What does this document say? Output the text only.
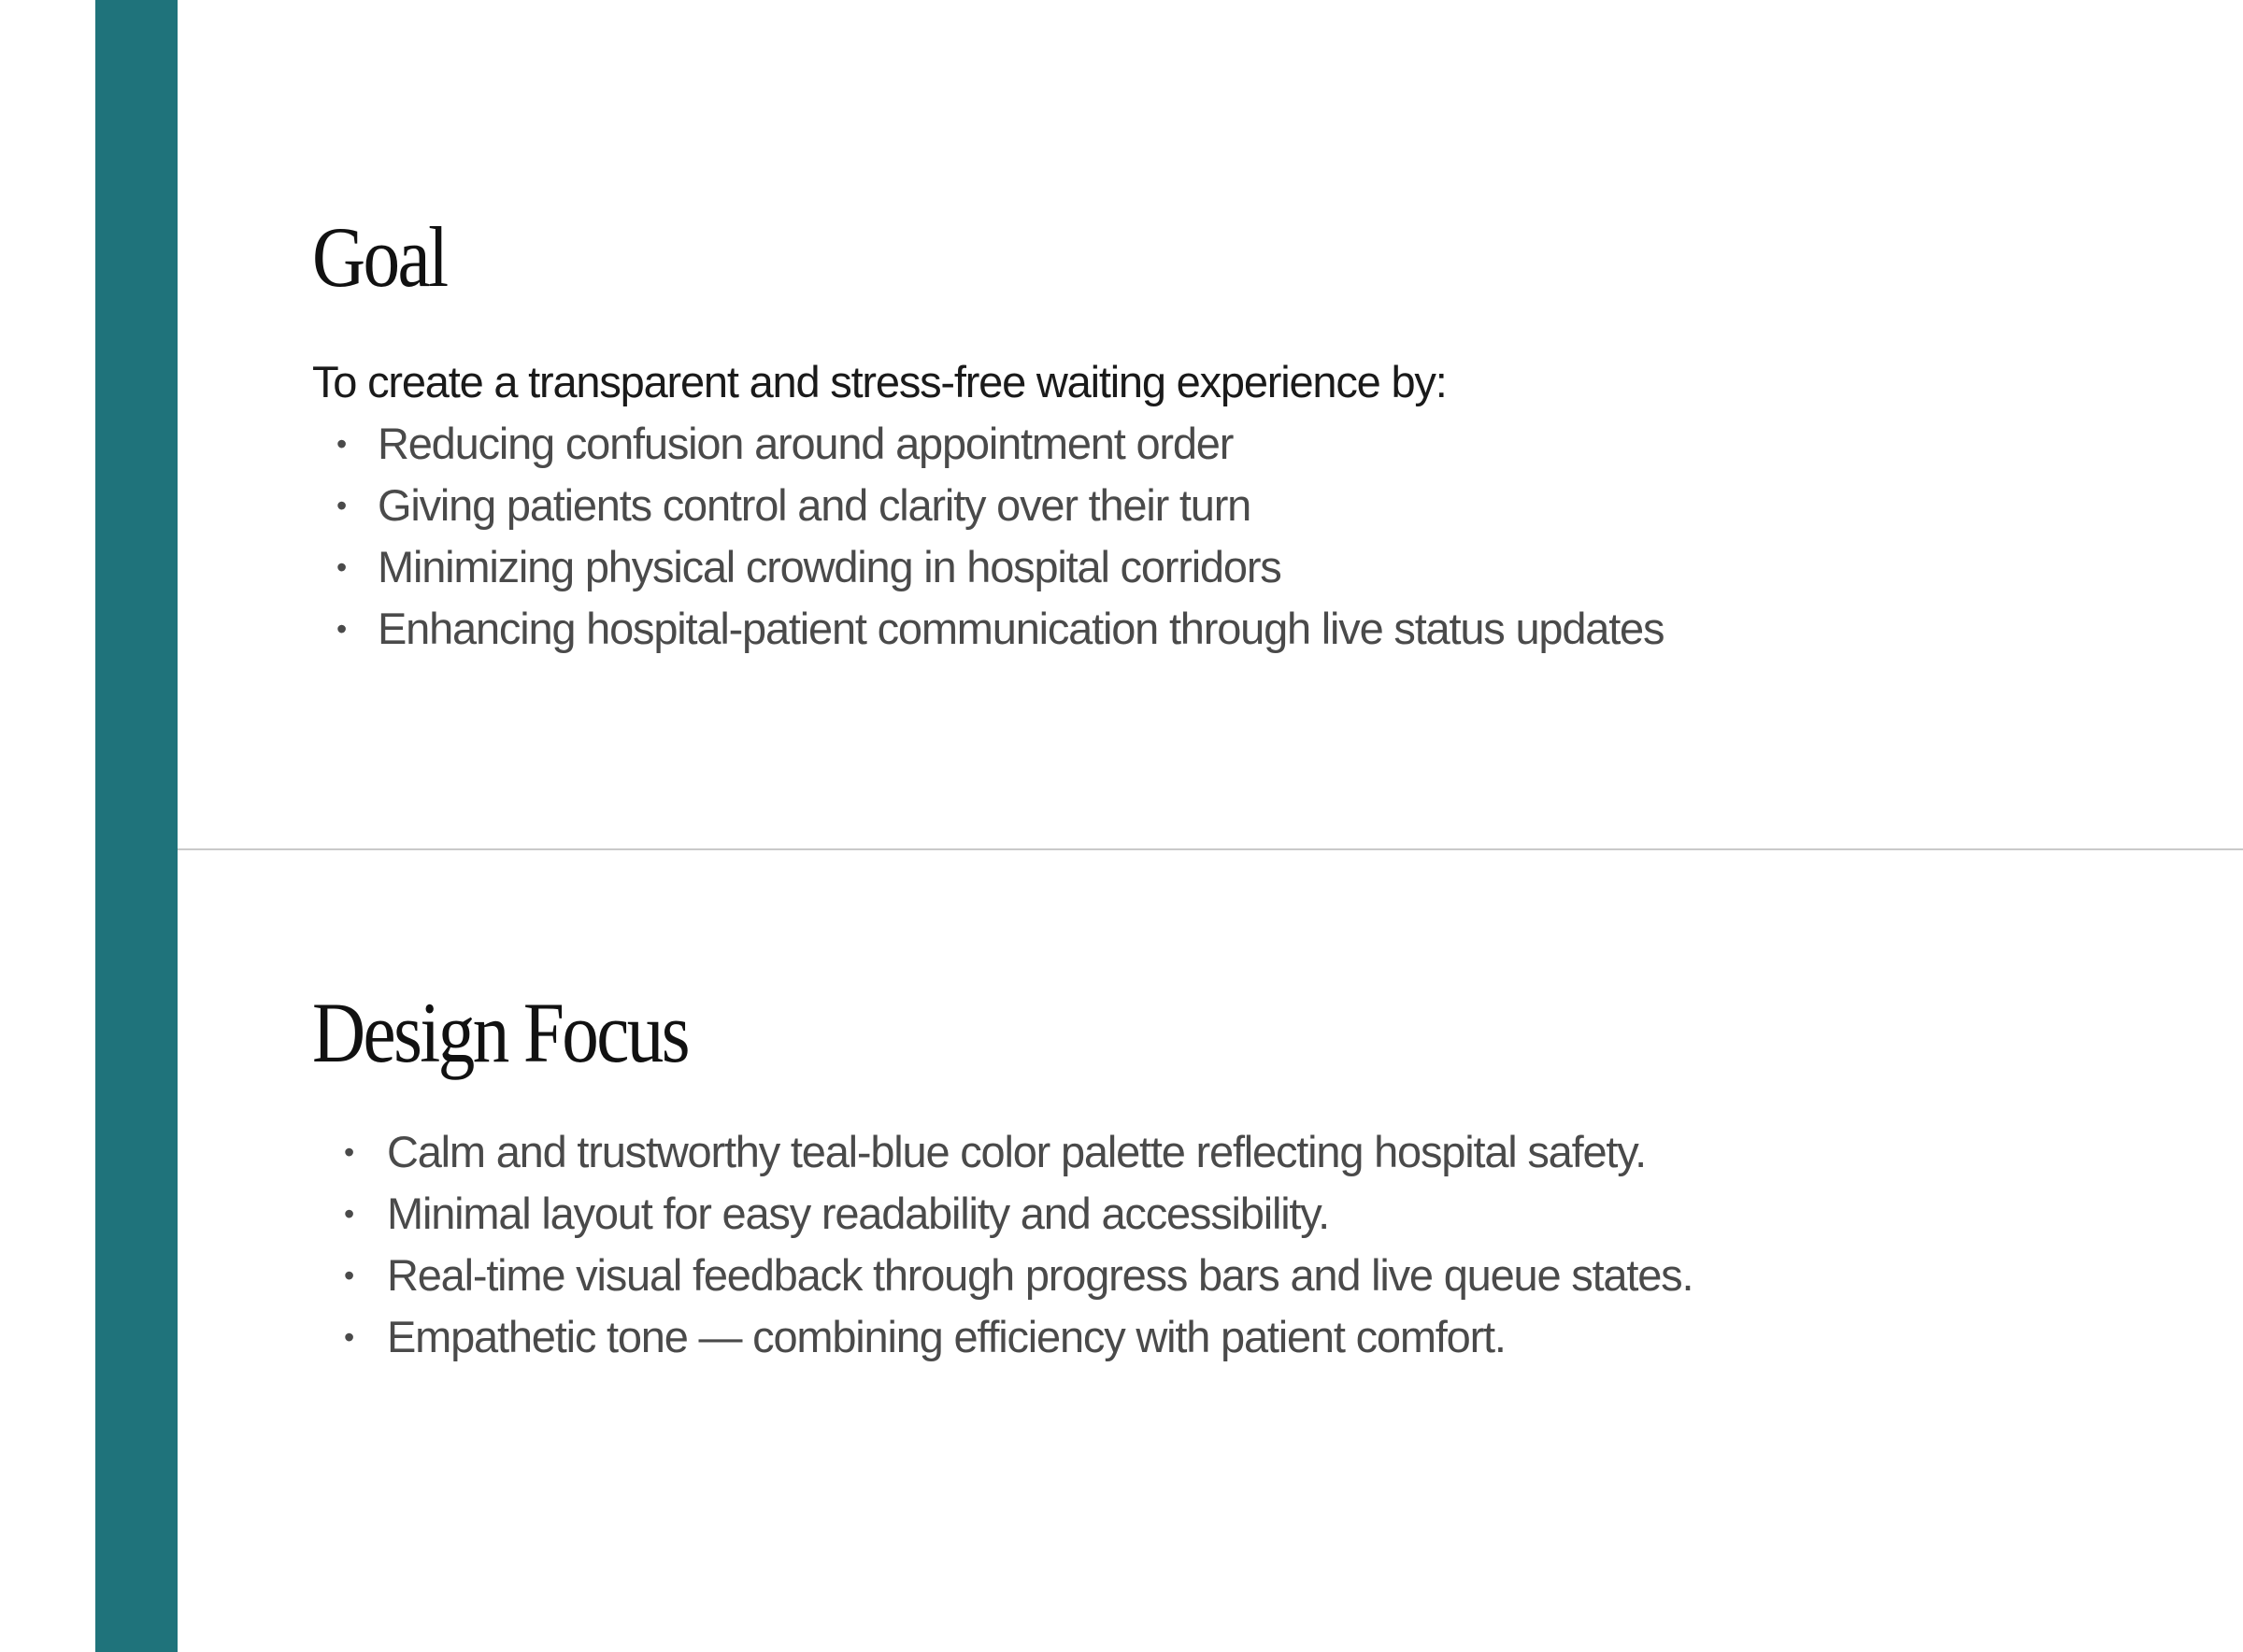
Goal

To create a transparent and stress-free waiting experience by:

• Reducing confusion around appointment order
• Giving patients control and clarity over their turn
• Minimizing physical crowding in hospital corridors
• Enhancing hospital-patient communication through live status updates
Design Focus
• Calm and trustworthy teal-blue color palette reflecting hospital safety.
• Minimal layout for easy readability and accessibility.
• Real-time visual feedback through progress bars and live queue states.
• Empathetic tone — combining efficiency with patient comfort.
